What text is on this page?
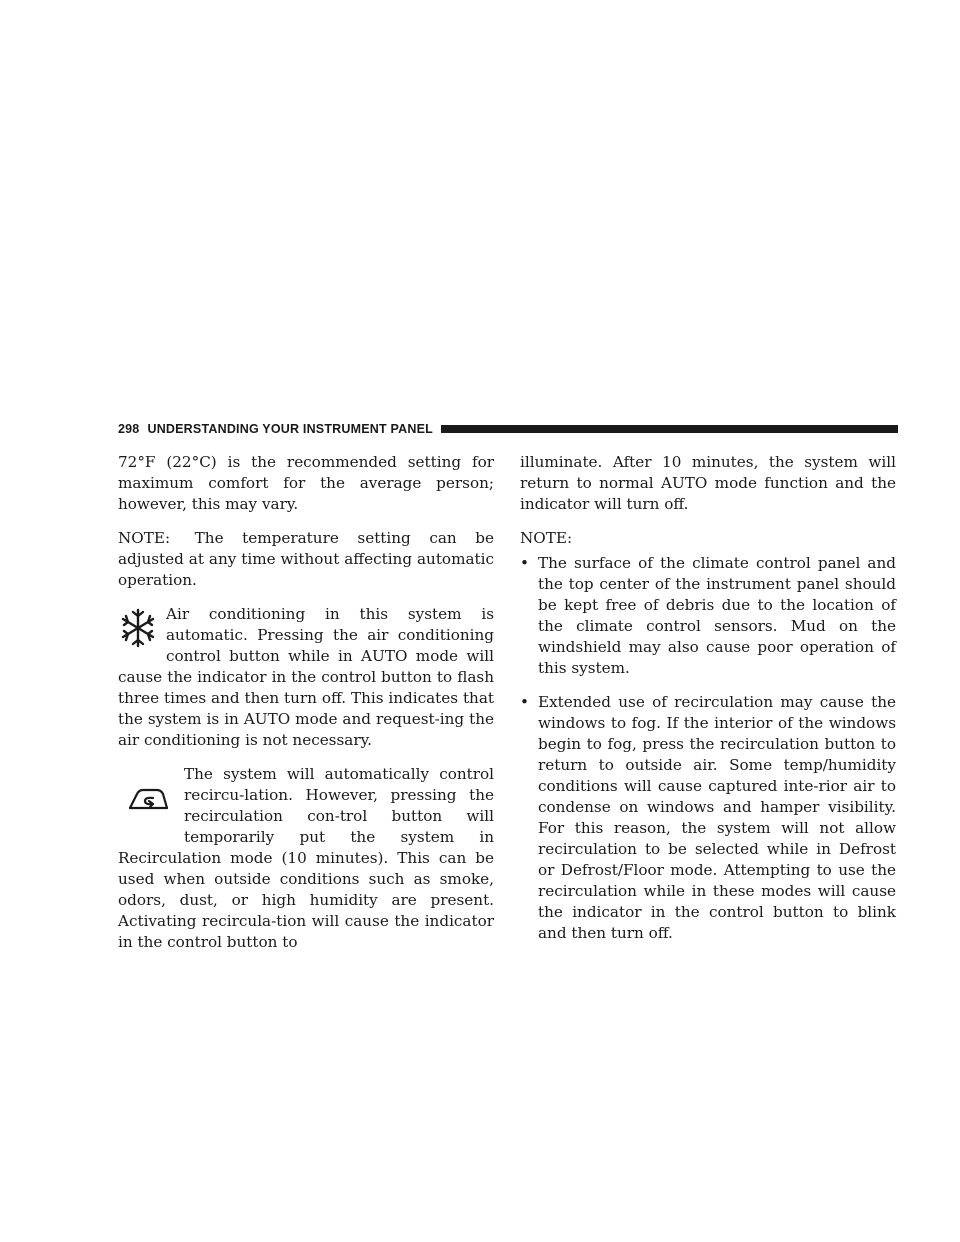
298 UNDERSTANDING YOUR INSTRUMENT PANEL

72°F (22°C) is the recommended setting for maximum comfort for the average person; however, this may vary.

NOTE: The temperature setting can be adjusted at any time without affecting automatic operation.

Air conditioning in this system is automatic. Pressing the air conditioning control button while in AUTO mode will cause the indicator in the control button to flash three times and then turn off. This indicates that the system is in AUTO mode and request-ing the air conditioning is not necessary.

The system will automatically control recircu-lation. However, pressing the recirculation con-trol button will temporarily put the system in Recirculation mode (10 minutes). This can be used when outside conditions such as smoke, odors, dust, or high humidity are present. Activating recircula-tion will cause the indicator in the control button to

illuminate. After 10 minutes, the system will return to normal AUTO mode function and the indicator will turn off.

NOTE:

• The surface of the climate control panel and the top center of the instrument panel should be kept free of debris due to the location of the climate control sensors. Mud on the windshield may also cause poor operation of this system.
• Extended use of recirculation may cause the windows to fog. If the interior of the windows begin to fog, press the recirculation button to return to outside air. Some temp/humidity conditions will cause captured inte-rior air to condense on windows and hamper visibility. For this reason, the system will not allow recirculation to be selected while in Defrost or Defrost/Floor mode. Attempting to use the recirculation while in these modes will cause the indicator in the control button to blink and then turn off.
